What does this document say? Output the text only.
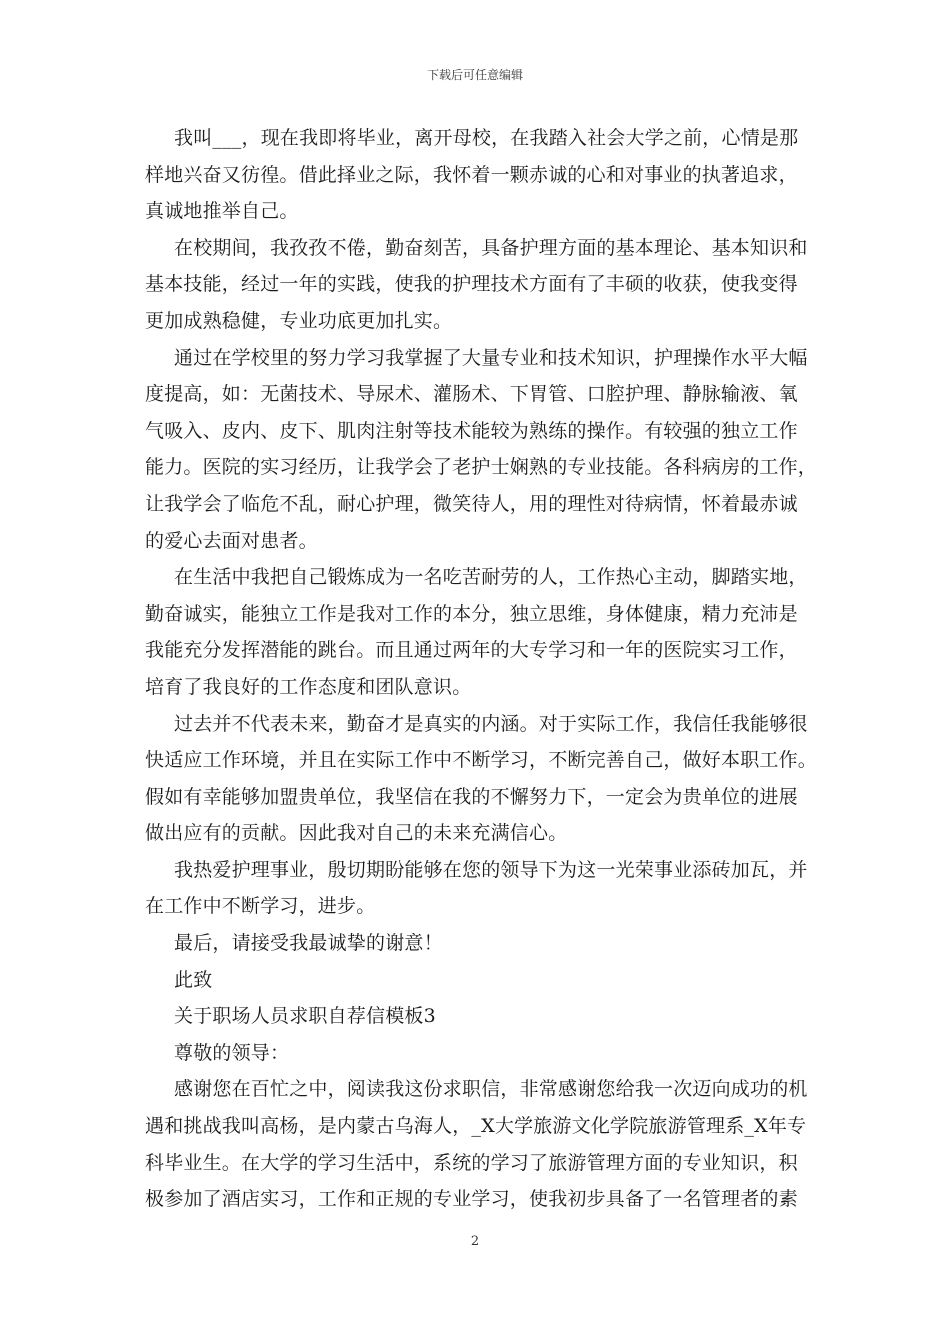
下载后可任意编辑
我叫___，现在我即将毕业，离开母校，在我踏入社会大学之前，心情是那
样地兴奋又彷徨。借此择业之际，我怀着一颗赤诚的心和对事业的执著追求，
真诚地推举自己。
在校期间，我孜孜不倦，勤奋刻苦，具备护理方面的基本理论、基本知识和
基本技能，经过一年的实践，使我的护理技术方面有了丰硕的收获，使我变得
更加成熟稳健，专业功底更加扎实。
通过在学校里的努力学习我掌握了大量专业和技术知识，护理操作水平大幅
度提高，如：无菌技术、导尿术、灌肠术、下胃管、口腔护理、静脉输液、氧
气吸入、皮内、皮下、肌肉注射等技术能较为熟练的操作。有较强的独立工作
能力。医院的实习经历，让我学会了老护士娴熟的专业技能。各科病房的工作，
让我学会了临危不乱，耐心护理，微笑待人，用的理性对待病情，怀着最赤诚
的爱心去面对患者。
在生活中我把自己锻炼成为一名吃苦耐劳的人，工作热心主动，脚踏实地，
勤奋诚实，能独立工作是我对工作的本分，独立思维，身体健康，精力充沛是
我能充分发挥潜能的跳台。而且通过两年的大专学习和一年的医院实习工作，
培育了我良好的工作态度和团队意识。
过去并不代表未来，勤奋才是真实的内涵。对于实际工作，我信任我能够很
快适应工作环境，并且在实际工作中不断学习，不断完善自己，做好本职工作。
假如有幸能够加盟贵单位，我坚信在我的不懈努力下，一定会为贵单位的进展
做出应有的贡献。因此我对自己的未来充满信心。
我热爱护理事业，殷切期盼能够在您的领导下为这一光荣事业添砖加瓦，并
在工作中不断学习，进步。
最后，请接受我最诚挚的谢意！
此致
关于职场人员求职自荐信模板3
尊敬的领导：
感谢您在百忙之中，阅读我这份求职信，非常感谢您给我一次迈向成功的机
遇和挑战我叫高杨，是内蒙古乌海人，_X大学旅游文化学院旅游管理系_X年专
科毕业生。在大学的学习生活中，系统的学习了旅游管理方面的专业知识，积
极参加了酒店实习，工作和正规的专业学习，使我初步具备了一名管理者的素
2
